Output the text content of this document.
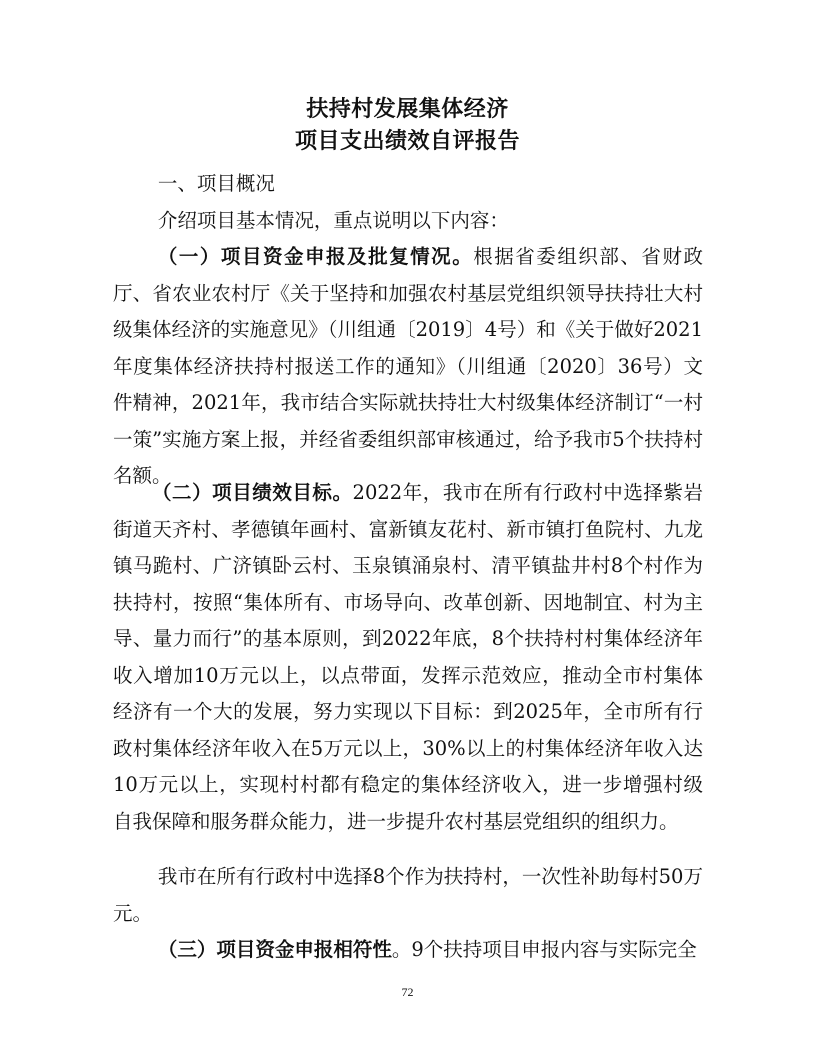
扶持村发展集体经济
项目支出绩效自评报告
一、项目概况
介绍项目基本情况，重点说明以下内容：
（一）项目资金申报及批复情况。根据省委组织部、省财政厅、省农业农村厅《关于坚持和加强农村基层党组织领导扶持壮大村级集体经济的实施意见》（川组通〔2019〕4号）和《关于做好2021年度集体经济扶持村报送工作的通知》（川组通〔2020〕36号）文件精神，2021年，我市结合实际就扶持壮大村级集体经济制订“一村一策”实施方案上报，并经省委组织部审核通过，给予我市5个扶持村名额。
（二）项目绩效目标。2022年，我市在所有行政村中选择紫岩街道天齐村、孝德镇年画村、富新镇友花村、新市镇打鱼院村、九龙镇马跪村、广济镇卧云村、玉泉镇涌泉村、清平镇盐井村8个村作为扶持村，按照“集体所有、市场导向、改革创新、因地制宜、村为主导、量力而行”的基本原则，到2022年底，8个扶持村村集体经济年收入增加10万元以上，以点带面，发挥示范效应，推动全市村集体经济有一个大的发展，努力实现以下目标：到2025年，全市所有行政村集体经济年收入在5万元以上，30%以上的村集体经济年收入达10万元以上，实现村村都有稳定的集体经济收入，进一步增强村级自我保障和服务群众能力，进一步提升农村基层党组织的组织力。
我市在所有行政村中选择8个作为扶持村，一次性补助每村50万元。
（三）项目资金申报相符性。9个扶持项目申报内容与实际完全
72
